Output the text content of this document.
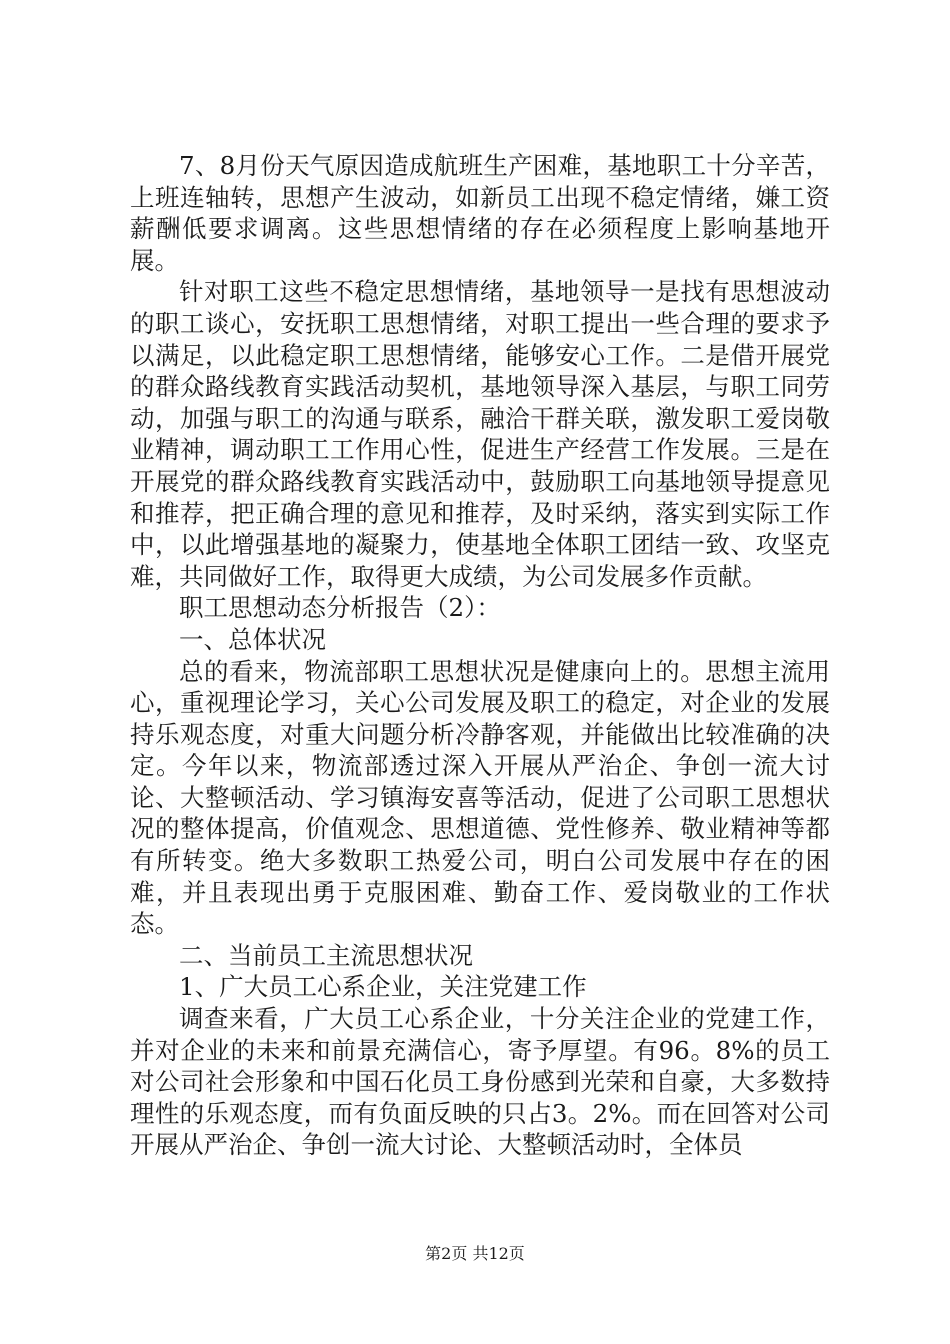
7、8月份天气原因造成航班生产困难，基地职工十分辛苦，上班连轴转，思想产生波动，如新员工出现不稳定情绪，嫌工资薪酬低要求调离。这些思想情绪的存在必须程度上影响基地开展。

针对职工这些不稳定思想情绪，基地领导一是找有思想波动的职工谈心，安抚职工思想情绪，对职工提出一些合理的要求予以满足，以此稳定职工思想情绪，能够安心工作。二是借开展党的群众路线教育实践活动契机，基地领导深入基层，与职工同劳动，加强与职工的沟通与联系，融洽干群关联，激发职工爱岗敬业精神，调动职工工作用心性，促进生产经营工作发展。三是在开展党的群众路线教育实践活动中，鼓励职工向基地领导提意见和推荐，把正确合理的意见和推荐，及时采纳，落实到实际工作中，以此增强基地的凝聚力，使基地全体职工团结一致、攻坚克难，共同做好工作，取得更大成绩，为公司发展多作贡献。

职工思想动态分析报告（2）：

一、总体状况

总的看来，物流部职工思想状况是健康向上的。思想主流用心，重视理论学习，关心公司发展及职工的稳定，对企业的发展持乐观态度，对重大问题分析冷静客观，并能做出比较准确的决定。今年以来，物流部透过深入开展从严治企、争创一流大讨论、大整顿活动、学习镇海安喜等活动，促进了公司职工思想状况的整体提高，价值观念、思想道德、党性修养、敬业精神等都有所转变。绝大多数职工热爱公司，明白公司发展中存在的困难，并且表现出勇于克服困难、勤奋工作、爱岗敬业的工作状态。

二、当前员工主流思想状况

1、广大员工心系企业，关注党建工作

调查来看，广大员工心系企业，十分关注企业的党建工作，并对企业的未来和前景充满信心，寄予厚望。有96。8%的员工对公司社会形象和中国石化员工身份感到光荣和自豪，大多数持理性的乐观态度，而有负面反映的只占3。2%。而在回答对公司开展从严治企、争创一流大讨论、大整顿活动时，全体员

第2页 共12页
